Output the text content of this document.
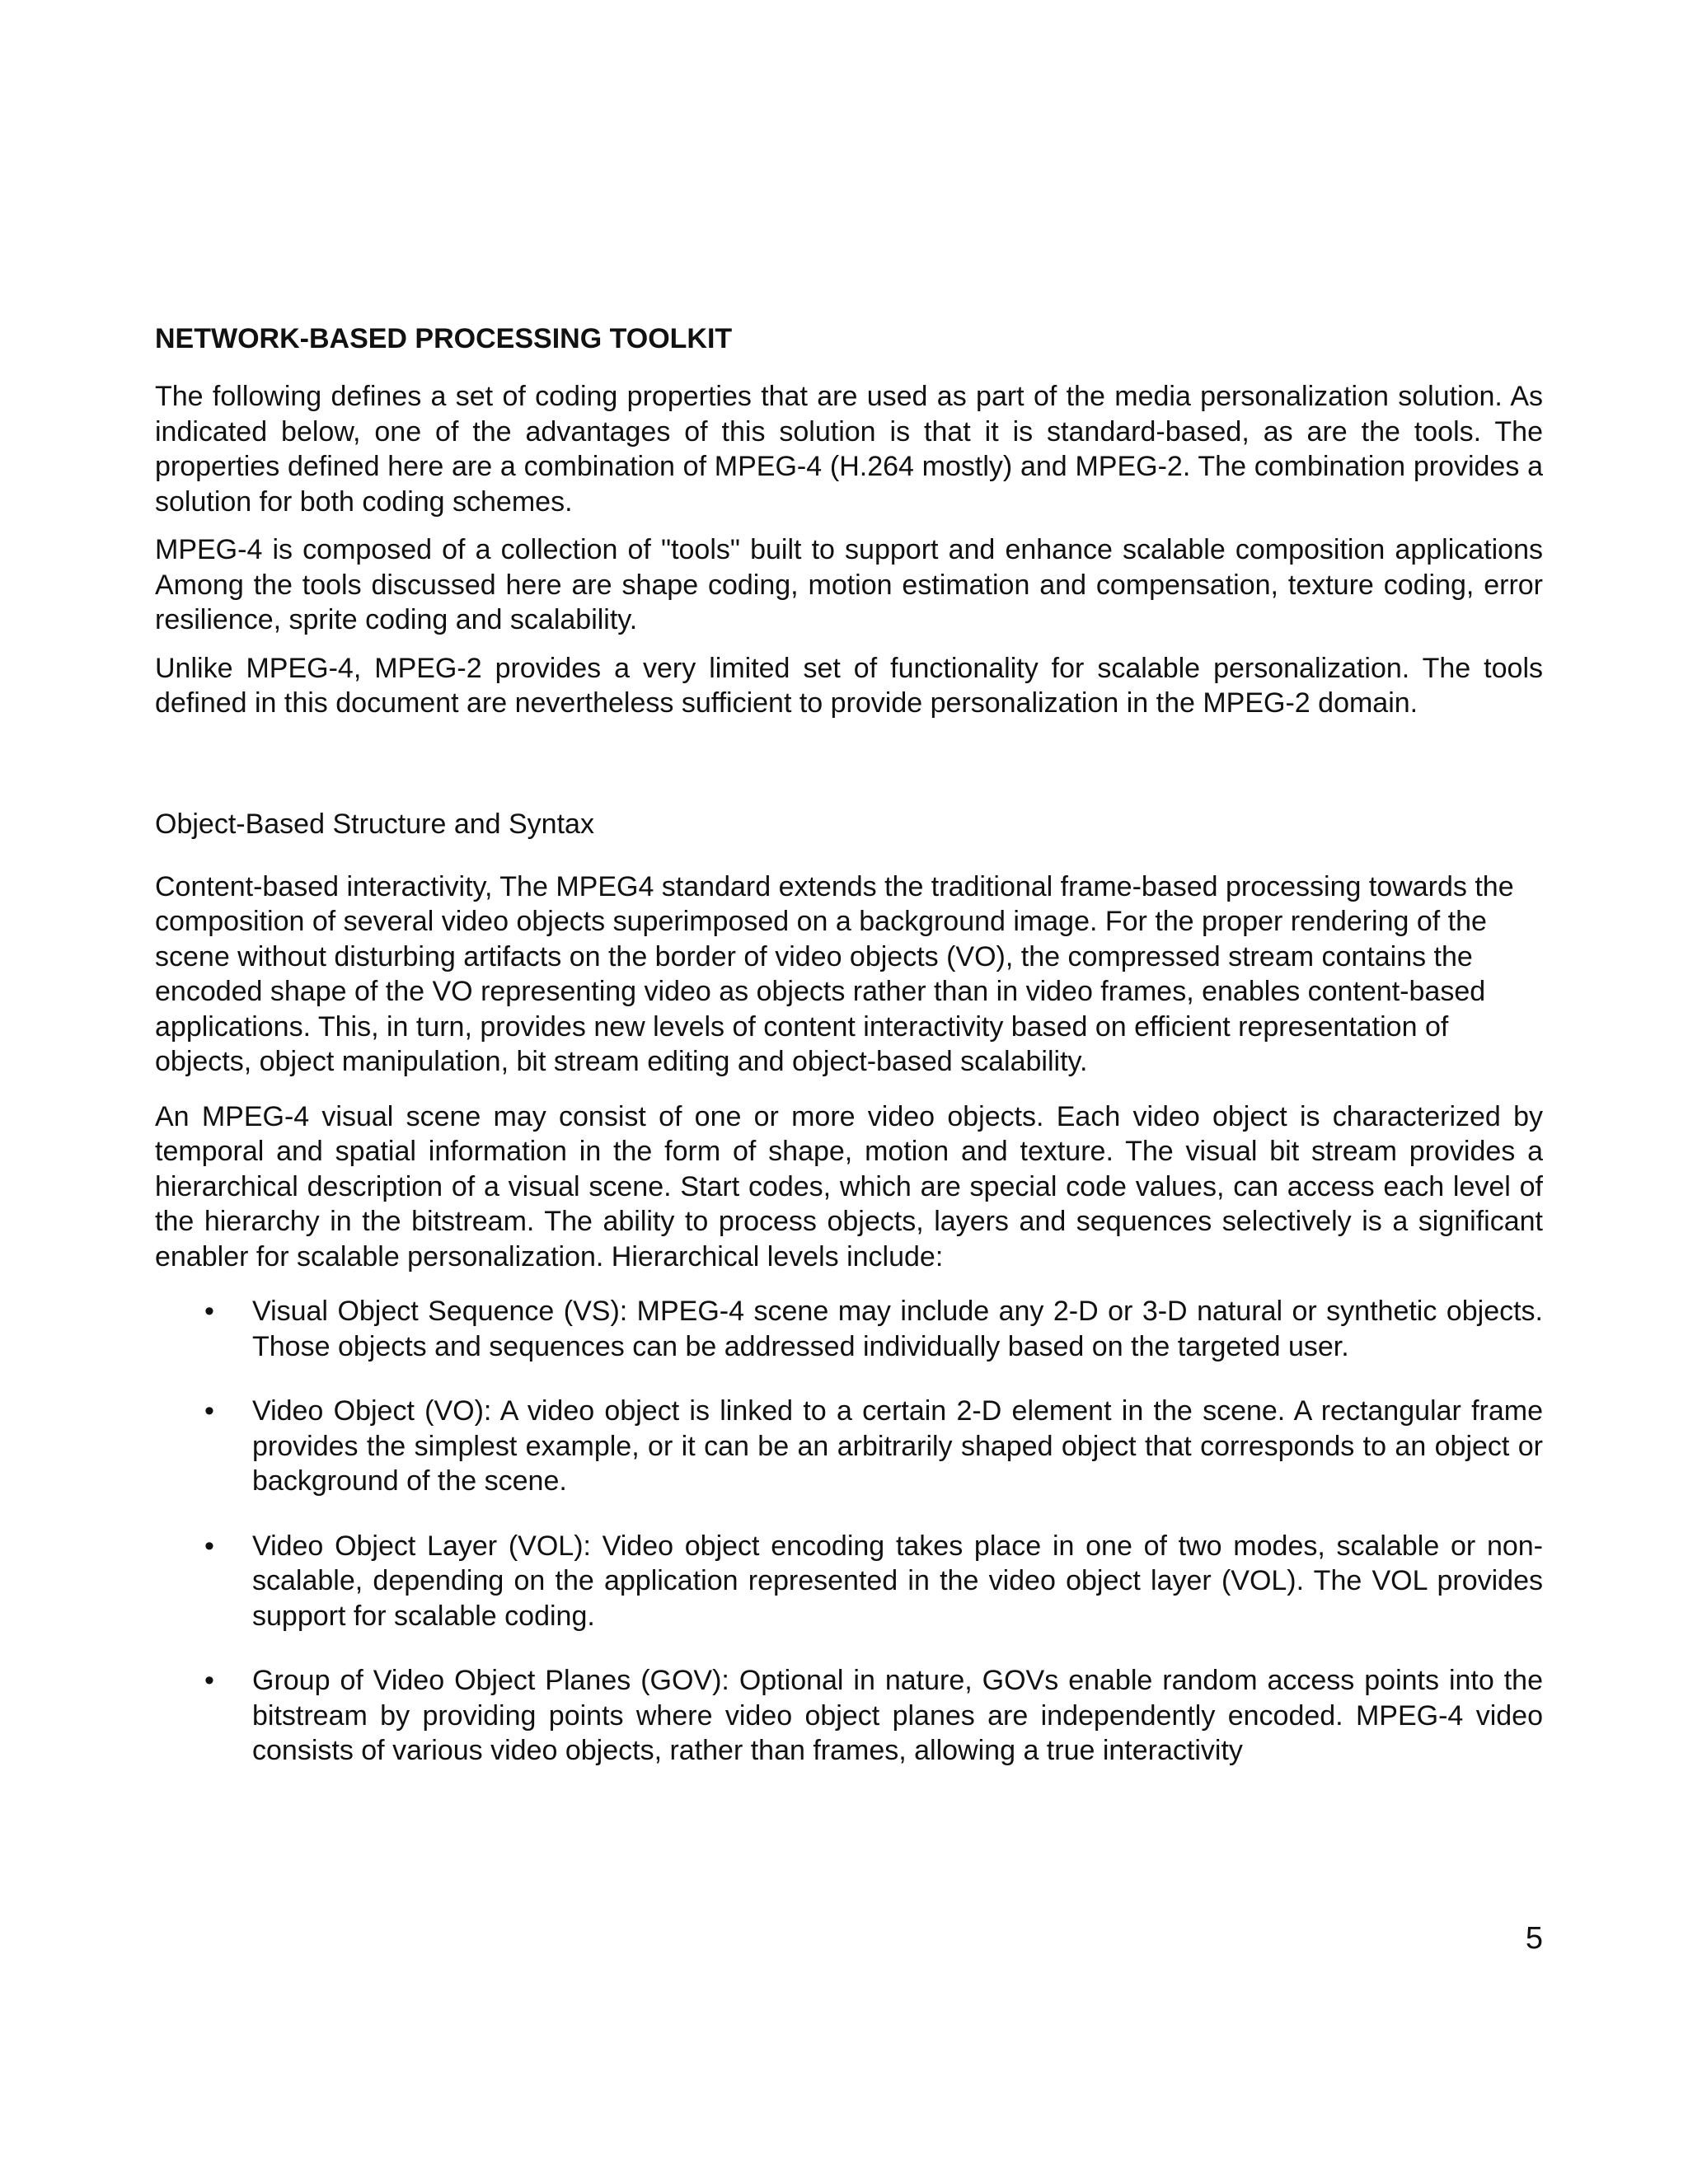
NETWORK-BASED PROCESSING TOOLKIT

The following defines a set of coding properties that are used as part of the media personalization solution. As indicated below, one of the advantages of this solution is that it is standard-based, as are the tools. The properties defined here are a combination of MPEG-4 (H.264 mostly) and MPEG-2. The combination provides a solution for both coding schemes.

MPEG-4 is composed of a collection of "tools" built to support and enhance scalable composition applications Among the tools discussed here are shape coding, motion estimation and compensation, texture coding, error resilience, sprite coding and scalability.

Unlike MPEG-4, MPEG-2 provides a very limited set of functionality for scalable personalization. The tools defined in this document are nevertheless sufficient to provide personalization in the MPEG-2 domain.

Object-Based Structure and Syntax

Content-based interactivity, The MPEG4 standard extends the traditional frame-based processing towards the composition of several video objects superimposed on a background image. For the proper rendering of the scene without disturbing artifacts on the border of video objects (VO), the compressed stream contains the encoded shape of the VO representing video as objects rather than in video frames, enables content-based applications. This, in turn, provides new levels of content interactivity based on efficient representation of objects, object manipulation, bit stream editing and object-based scalability.

An MPEG-4 visual scene may consist of one or more video objects. Each video object is characterized by temporal and spatial information in the form of shape, motion and texture. The visual bit stream provides a hierarchical description of a visual scene. Start codes, which are special code values, can access each level of the hierarchy in the bitstream. The ability to process objects, layers and sequences selectively is a significant enabler for scalable personalization. Hierarchical levels include:

• Visual Object Sequence (VS): MPEG-4 scene may include any 2-D or 3-D natural or synthetic objects. Those objects and sequences can be addressed individually based on the targeted user.
• Video Object (VO): A video object is linked to a certain 2-D element in the scene. A rectangular frame provides the simplest example, or it can be an arbitrarily shaped object that corresponds to an object or background of the scene.
• Video Object Layer (VOL): Video object encoding takes place in one of two modes, scalable or non-scalable, depending on the application represented in the video object layer (VOL). The VOL provides support for scalable coding.
• Group of Video Object Planes (GOV): Optional in nature, GOVs enable random access points into the bitstream by providing points where video object planes are independently encoded. MPEG-4 video consists of various video objects, rather than frames, allowing a true interactivity
5
